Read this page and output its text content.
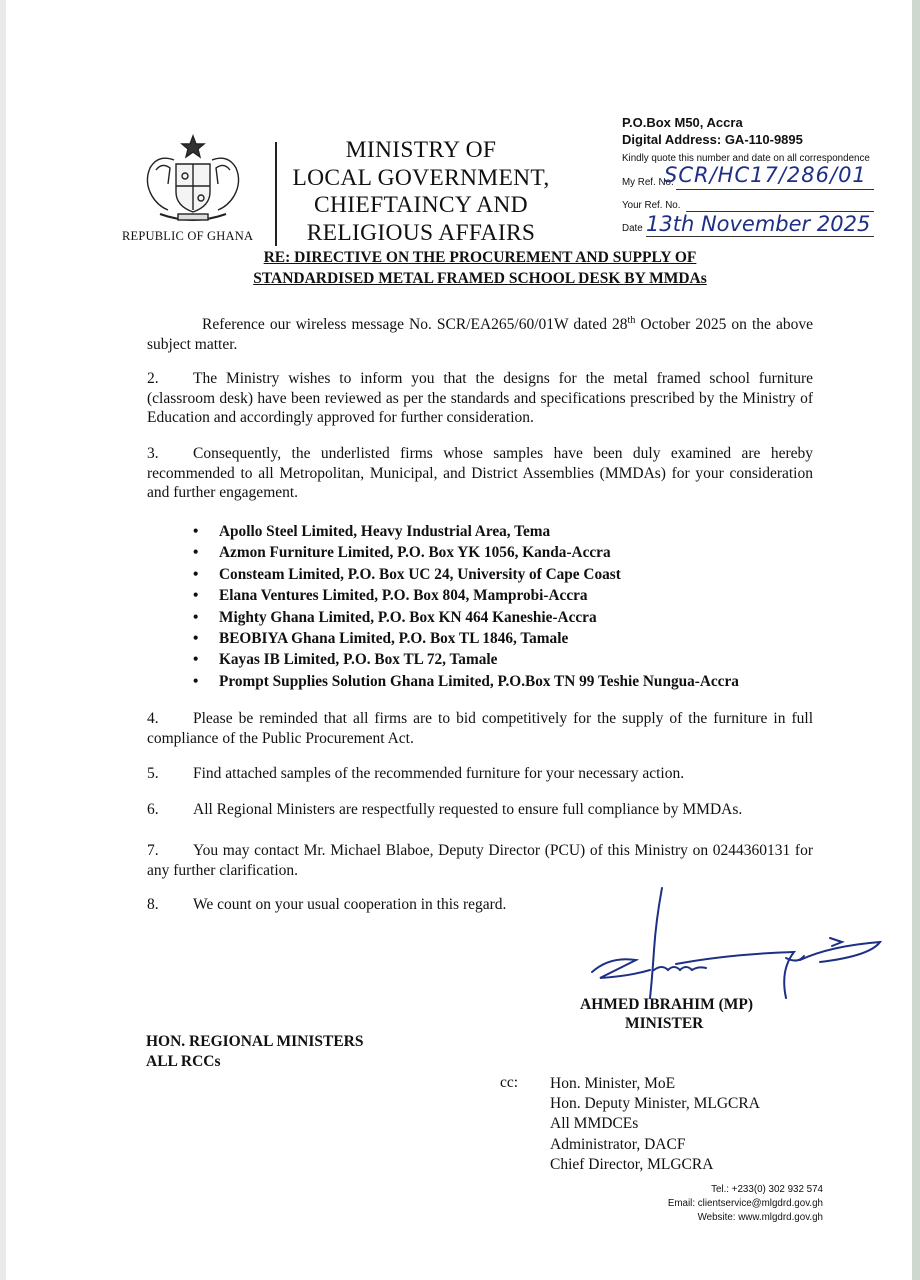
REPUBLIC OF GHANA
MINISTRY OF
LOCAL GOVERNMENT,
CHIEFTAINCY AND
RELIGIOUS AFFAIRS
P.O.Box M50, Accra
Digital Address: GA-110-9895
Kindly quote this number and date on all correspondence
My Ref. No.
SCR/HC17/286/01
Your Ref. No.
Date 13th November 2025
RE: DIRECTIVE ON THE PROCUREMENT AND SUPPLY OF
STANDARDISED METAL FRAMED SCHOOL DESK BY MMDAs
Reference our wireless message No. SCR/EA265/60/01W dated 28th October 2025 on the above subject matter.
2. The Ministry wishes to inform you that the designs for the metal framed school furniture (classroom desk) have been reviewed as per the standards and specifications prescribed by the Ministry of Education and accordingly approved for further consideration.
3. Consequently, the underlisted firms whose samples have been duly examined are hereby recommended to all Metropolitan, Municipal, and District Assemblies (MMDAs) for your consideration and further engagement.
• Apollo Steel Limited, Heavy Industrial Area, Tema
• Azmon Furniture Limited, P.O. Box YK 1056, Kanda-Accra
• Consteam Limited, P.O. Box UC 24, University of Cape Coast
• Elana Ventures Limited, P.O. Box 804, Mamprobi-Accra
• Mighty Ghana Limited, P.O. Box KN 464 Kaneshie-Accra
• BEOBIYA Ghana Limited, P.O. Box TL 1846, Tamale
• Kayas IB Limited, P.O. Box TL 72, Tamale
• Prompt Supplies Solution Ghana Limited, P.O.Box TN 99 Teshie Nungua-Accra
4. Please be reminded that all firms are to bid competitively for the supply of the furniture in full compliance of the Public Procurement Act.
5. Find attached samples of the recommended furniture for your necessary action.
6. All Regional Ministers are respectfully requested to ensure full compliance by MMDAs.
7. You may contact Mr. Michael Blaboe, Deputy Director (PCU) of this Ministry on 0244360131 for any further clarification.
8. We count on your usual cooperation in this regard.
AHMED IBRAHIM (MP)
MINISTER
HON. REGIONAL MINISTERS
ALL RCCs
cc: Hon. Minister, MoE
Hon. Deputy Minister, MLGCRA
All MMDCEs
Administrator, DACF
Chief Director, MLGCRA
Tel.: +233(0) 302 932 574
Email: clientservice@mlgdrd.gov.gh
Website: www.mlgdrd.gov.gh
